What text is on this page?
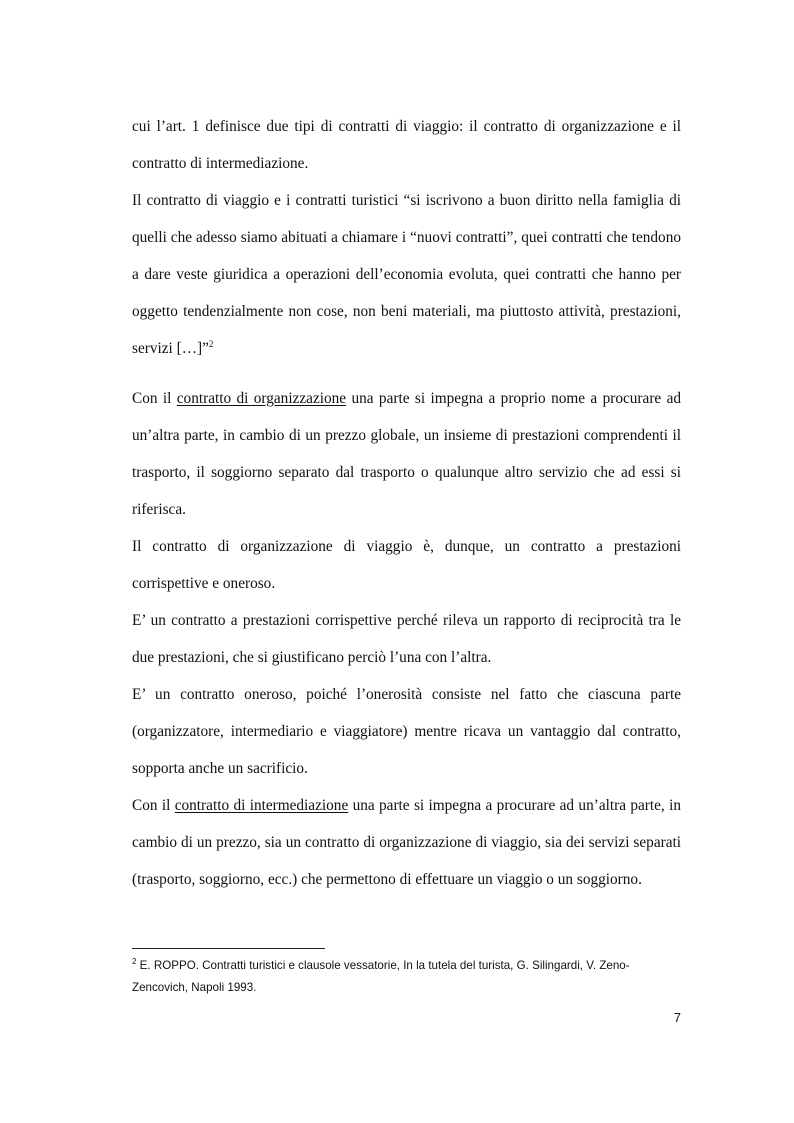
cui l’art. 1 definisce due tipi di contratti di viaggio: il contratto di organizzazione e il contratto di intermediazione.

Il contratto di viaggio e i contratti turistici “si iscrivono a buon diritto nella famiglia di quelli che adesso siamo abituati a chiamare i “nuovi contratti”, quei contratti che tendono a dare veste giuridica a operazioni dell’economia evoluta, quei contratti che hanno per oggetto tendenzialmente non cose, non beni materiali, ma piuttosto attività, prestazioni, servizi […]”$^2$

Con il contratto di organizzazione una parte si impegna a proprio nome a procurare ad un’altra parte, in cambio di un prezzo globale, un insieme di prestazioni comprendenti il trasporto, il soggiorno separato dal trasporto o qualunque altro servizio che ad essi si riferisca.

Il contratto di organizzazione di viaggio è, dunque, un contratto a prestazioni corrispettive e oneroso.

E’ un contratto a prestazioni corrispettive perché rileva un rapporto di reciprocità tra le due prestazioni, che si giustificano perciò l’una con l’altra.

E’ un contratto oneroso, poiché l’onerosità consiste nel fatto che ciascuna parte (organizzatore, intermediario e viaggiatore) mentre ricava un vantaggio dal contratto, sopporta anche un sacrificio.

Con il contratto di intermediazione una parte si impegna a procurare ad un’altra parte, in cambio di un prezzo, sia un contratto di organizzazione di viaggio, sia dei servizi separati (trasporto, soggiorno, ecc.) che permettono di effettuare un viaggio o un soggiorno.

$^2$ E. ROPPO. Contratti turistici e clausole vessatorie, In la tutela del turista, G. Silingardi, V. Zeno-Zencovich, Napoli 1993.
7
